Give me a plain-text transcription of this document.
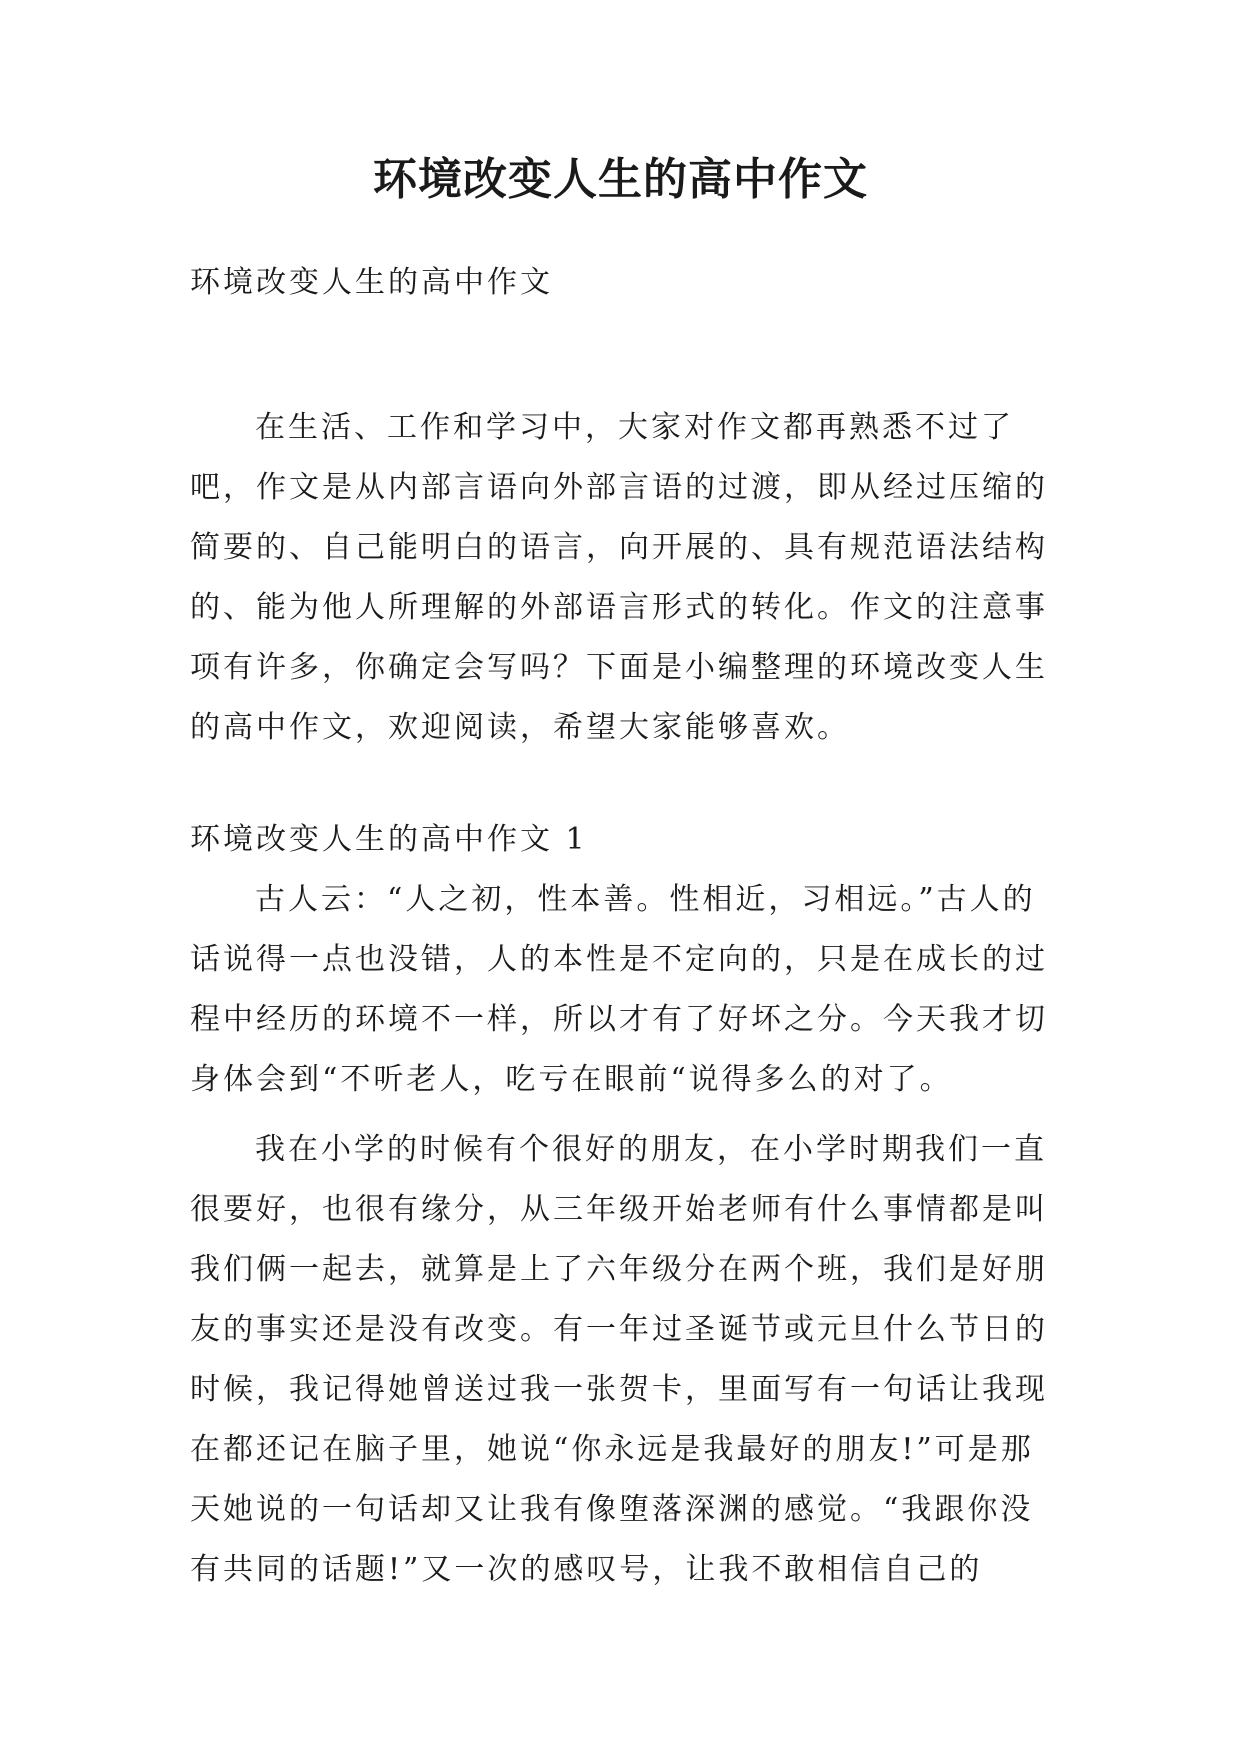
环境改变人生的高中作文

环境改变人生的高中作文

在生活、工作和学习中，大家对作文都再熟悉不过了吧，作文是从内部言语向外部言语的过渡，即从经过压缩的简要的、自己能明白的语言，向开展的、具有规范语法结构的、能为他人所理解的外部语言形式的转化。作文的注意事项有许多，你确定会写吗？下面是小编整理的环境改变人生的高中作文，欢迎阅读，希望大家能够喜欢。

环境改变人生的高中作文 1

古人云：“人之初，性本善。性相近，习相远。”古人的话说得一点也没错，人的本性是不定向的，只是在成长的过程中经历的环境不一样，所以才有了好坏之分。今天我才切身体会到“不听老人，吃亏在眼前“说得多么的对了。

我在小学的时候有个很好的朋友，在小学时期我们一直很要好，也很有缘分，从三年级开始老师有什么事情都是叫我们俩一起去，就算是上了六年级分在两个班，我们是好朋友的事实还是没有改变。有一年过圣诞节或元旦什么节日的时候，我记得她曾送过我一张贺卡，里面写有一句话让我现在都还记在脑子里，她说“你永远是我最好的朋友!”可是那天她说的一句话却又让我有像堕落深渊的感觉。“我跟你没有共同的话题!”又一次的感叹号，让我不敢相信自己的
